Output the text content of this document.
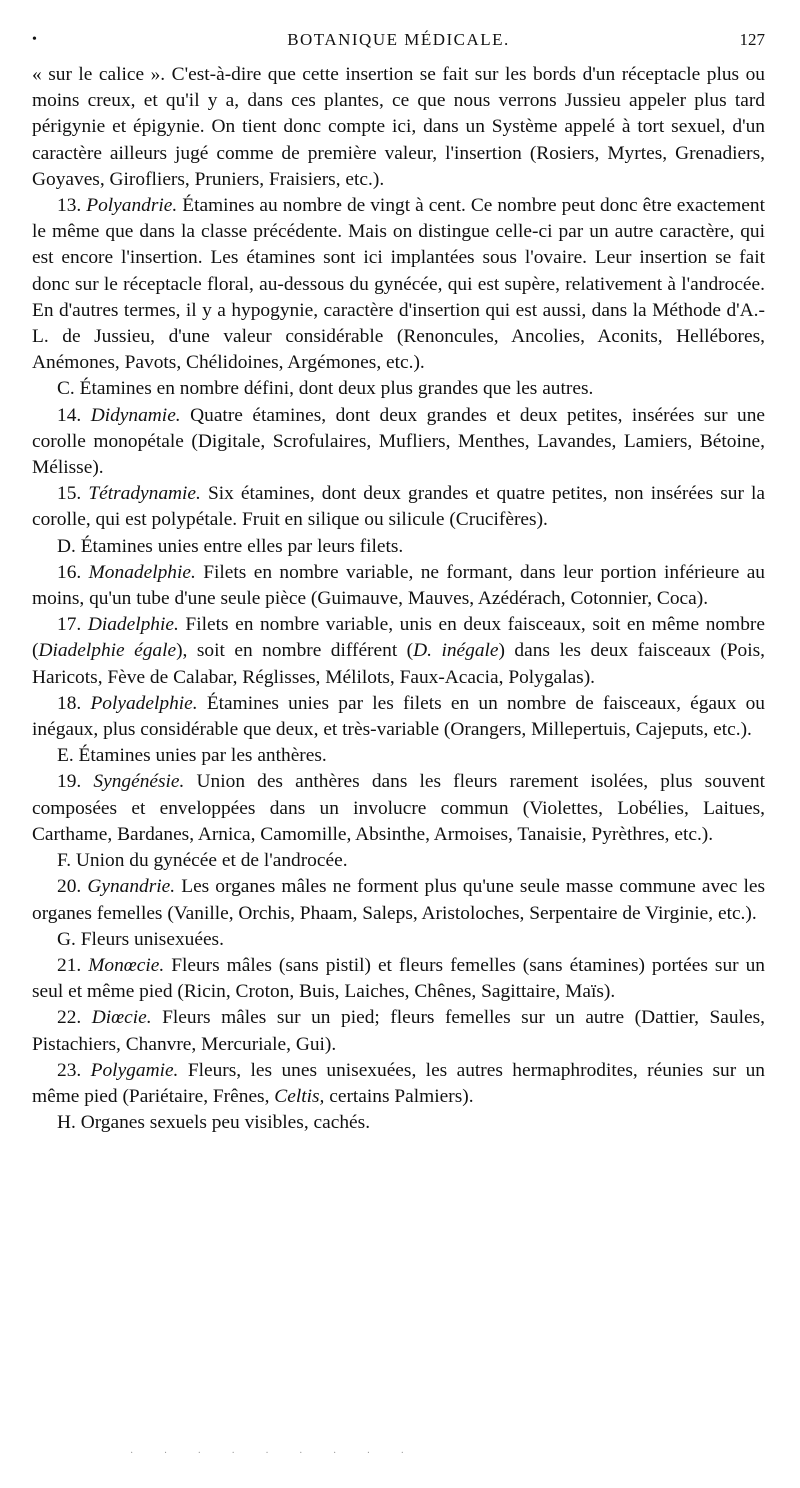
•	BOTANIQUE MÉDICALE.	127

« sur le calice ». C'est-à-dire que cette insertion se fait sur les bords d'un réceptacle plus ou moins creux, et qu'il y a, dans ces plantes, ce que nous verrons Jussieu appeler plus tard périgynie et épigynie. On tient donc compte ici, dans un Système appelé à tort sexuel, d'un caractère ailleurs jugé comme de première valeur, l'insertion (Rosiers, Myrtes, Grenadiers, Goyaves, Girofliers, Pruniers, Fraisiers, etc.).

13. Polyandrie. Étamines au nombre de vingt à cent. Ce nombre peut donc être exactement le même que dans la classe précédente. Mais on distingue celle-ci par un autre caractère, qui est encore l'insertion. Les étamines sont ici implantées sous l'ovaire. Leur insertion se fait donc sur le réceptacle floral, au-dessous du gynécée, qui est supère, relativement à l'androcée. En d'autres termes, il y a hypogynie, caractère d'insertion qui est aussi, dans la Méthode d'A.-L. de Jussieu, d'une valeur considérable (Renoncules, Ancolies, Aconits, Hellébores, Anémones, Pavots, Chélidoines, Argémones, etc.).

C. Étamines en nombre défini, dont deux plus grandes que les autres.

14. Didynamie. Quatre étamines, dont deux grandes et deux petites, insérées sur une corolle monopétale (Digitale, Scrofulaires, Mufliers, Menthes, Lavandes, Lamiers, Bétoine, Mélisse).

15. Tétradynamie. Six étamines, dont deux grandes et quatre petites, non insérées sur la corolle, qui est polypétale. Fruit en silique ou silicule (Crucifères).

D. Étamines unies entre elles par leurs filets.

16. Monadelphie. Filets en nombre variable, ne formant, dans leur portion inférieure au moins, qu'un tube d'une seule pièce (Guimauve, Mauves, Azédérach, Cotonnier, Coca).

17. Diadelphie. Filets en nombre variable, unis en deux faisceaux, soit en même nombre (Diadelphie égale), soit en nombre différent (D. inégale) dans les deux faisceaux (Pois, Haricots, Fève de Calabar, Réglisses, Mélilots, Faux-Acacia, Polygalas).

18. Polyadelphie. Étamines unies par les filets en un nombre de faisceaux, égaux ou inégaux, plus considérable que deux, et très-variable (Orangers, Millepertuis, Cajeputs, etc.).

E. Étamines unies par les anthères.

19. Syngénésie. Union des anthères dans les fleurs rarement isolées, plus souvent composées et enveloppées dans un involucre commun (Violettes, Lobélies, Laitues, Carthame, Bardanes, Arnica, Camomille, Absinthe, Armoises, Tanaisie, Pyrèthres, etc.).

F. Union du gynécée et de l'androcée.

20. Gynandrie. Les organes mâles ne forment plus qu'une seule masse commune avec les organes femelles (Vanille, Orchis, Phaam, Saleps, Aristoloches, Serpentaire de Virginie, etc.).

G. Fleurs unisexuées.

21. Monœcie. Fleurs mâles (sans pistil) et fleurs femelles (sans étamines) portées sur un seul et même pied (Ricin, Croton, Buis, Laiches, Chênes, Sagittaire, Maïs).

22. Diœcie. Fleurs mâles sur un pied; fleurs femelles sur un autre (Dattier, Saules, Pistachiers, Chanvre, Mercuriale, Gui).

23. Polygamie. Fleurs, les unes unisexuées, les autres hermaphrodites, réunies sur un même pied (Pariétaire, Frênes, Celtis, certains Palmiers).

H. Organes sexuels peu visibles, cachés.

· · · · · · · · ·
